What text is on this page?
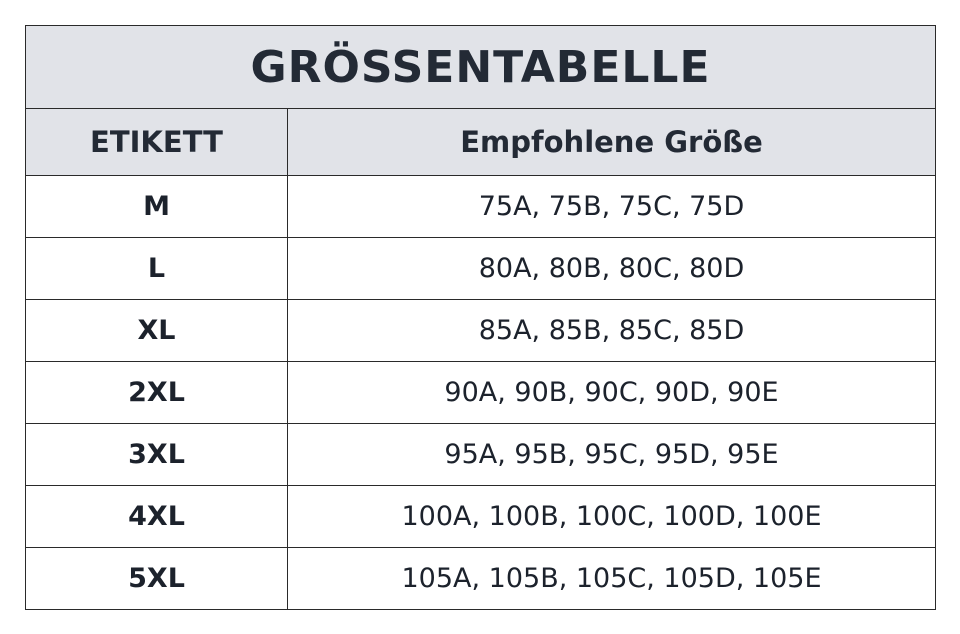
GRÖSSENTABELLE	
ETIKETT	Empfohlene Größe
M	75A, 75B, 75C, 75D
L	80A, 80B, 80C, 80D
XL	85A, 85B, 85C, 85D
2XL	90A, 90B, 90C, 90D, 90E
3XL	95A, 95B, 95C, 95D, 95E
4XL	100A, 100B, 100C, 100D, 100E
5XL	105A, 105B, 105C, 105D, 105E
